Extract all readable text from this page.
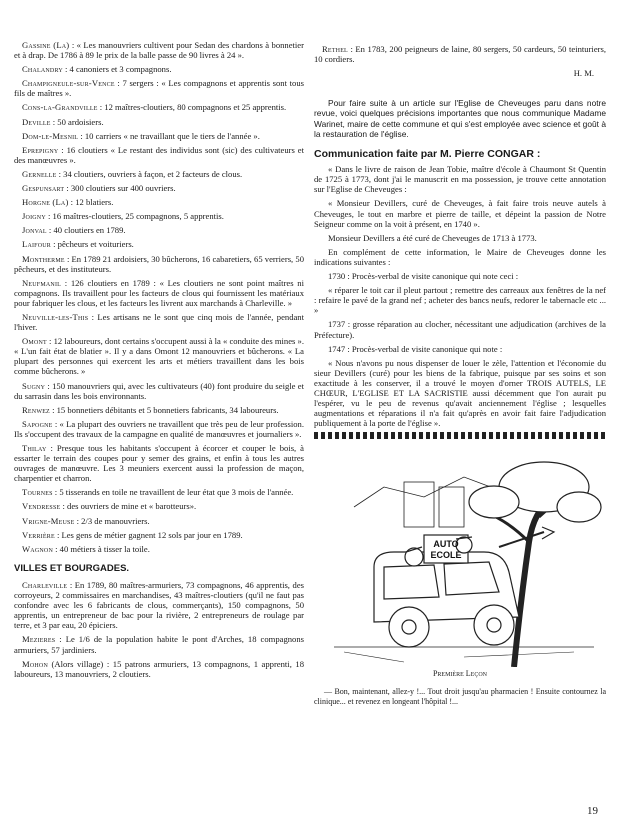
Gassine (La) : « Les manouvriers cultivent pour Sedan des chardons à bonnetier et à drap. De 1786 à 89 le prix de la balle passe de 90 livres à 24 ».

Chalandry : 4 canoniers et 3 compagnons.

Champigneule-sur-Vence : 7 sergers : « Les compagnons et apprentis sont tous fils de maîtres ».

Cons-la-Grandville : 12 maîtres-cloutiers, 80 compagnons et 25 apprentis.

Deville : 50 ardoisiers.

Dom-le-Mesnil : 10 carriers « ne travaillant que le tiers de l'année ».

Eprepigny : 16 cloutiers « Le restant des individus sont (sic) des cultivateurs et des manœuvres ».

Gernelle : 34 cloutiers, ouvriers à façon, et 2 facteurs de clous.

Gespunsart : 300 cloutiers sur 400 ouvriers.

Horgne (La) : 12 blatiers.

Joigny : 16 maîtres-cloutiers, 25 compagnons, 5 apprentis.

Jonval : 40 cloutiers en 1789.

Laifour : pêcheurs et voituriers.

Montherme : En 1789 21 ardoisiers, 30 bûcherons, 16 cabaretiers, 65 verriers, 50 pêcheurs, et des instituteurs.

Neufmanil : 126 cloutiers en 1789 : « Les cloutiers ne sont point maîtres ni compagnons. Ils travaillent pour les facteurs de clous qui fournissent les matériaux pour fabriquer les clous, et les facteurs les livrent aux marchands à Charleville. »

Neuville-les-This : Les artisans ne le sont que cinq mois de l'année, pendant l'hiver.

Omont : 12 laboureurs, dont certains s'occupent aussi à la « conduite des mines ». « L'un fait état de blatier ». Il y a dans Omont 12 manouvriers et bûcherons. « La plupart des personnes qui exercent les arts et métiers travaillent dans les bois comme bûcherons. »

Sugny : 150 manouvriers qui, avec les cultivateurs (40) font produire du seigle et du sarrasin dans les bois environnants.

Renwez : 15 bonnetiers débitants et 5 bonnetiers fabricants, 34 laboureurs.

Sapogne : « La plupart des ouvriers ne travaillent que très peu de leur profession. Ils s'occupent des travaux de la campagne en qualité de manœuvres et journaliers ».

Thilay : Presque tous les habitants s'occupent à écorcer et couper le bois, à essarter le terrain des coupes pour y semer des grains, et enfin à tous les autres ouvrages de manœuvre. Les 3 meuniers exercent aussi la profession de maçon, charpentier et charron.

Tournes : 5 tisserands en toile ne travaillent de leur état que 3 mois de l'année.

Vendresse : des ouvriers de mine et « barotteurs».

Vrigne-Meuse : 2/3 de manouvriers.

Verrière : Les gens de métier gagnent 12 sols par jour en 1789.

Wagnon : 40 métiers à tisser la toile.

VILLES ET BOURGADES.

Charleville : En 1789, 80 maîtres-armuriers, 73 compagnons, 46 apprentis, des corroyeurs, 2 commissaires en marchandises, 43 maîtres-cloutiers (qu'il ne faut pas confondre avec les 6 fabricants de clous, commerçants), 150 compagnons, 50 apprentis, un entrepreneur de bac pour la rivière, 2 entrepreneurs de roulage par terre, et 3 par eau, 20 épiciers.

Mezieres : Le 1/6 de la population habite le pont d'Arches, 18 compagnons armuriers, 57 jardiniers.

Mohon (Alors village) : 15 patrons armuriers, 13 compagnons, 1 apprenti, 18 laboureurs, 13 manouvriers, 2 cloutiers.

Rethel : En 1783, 200 peigneurs de laine, 80 sergers, 50 cardeurs, 50 teinturiers, 10 cordiers.

H. M.

Pour faire suite à un article sur l'Eglise de Cheveuges paru dans notre revue, voici quelques précisions importantes que nous communique Madame Warinet, maire de cette commune et qui s'est employée avec science et goût à la restauration de l'église.

Communication faite par M. Pierre CONGAR :

« Dans le livre de raison de Jean Tobie, maître d'école à Chaumont St Quentin de 1725 à 1773, dont j'ai le manuscrit en ma possession, je trouve cette annotation sur l'Eglise de Cheveuges :

« Monsieur Devillers, curé de Cheveuges, à fait faire trois neuve autels à Cheveuges, le tout en marbre et pierre de taille, et dépeint la passion de Notre Seigneur comme on la voit à présent, en 1740 ».

Monsieur Devillers a été curé de Cheveuges de 1713 à 1773.

En complément de cette information, le Maire de Cheveuges donne les indications suivantes :

1730 : Procès-verbal de visite canonique qui note ceci :

« réparer le toit car il pleut partout ; remettre des carreaux aux fenêtres de la nef : refaire le pavé de la grand nef ; acheter des bancs neufs, redorer le tabernacle etc ... »

1737 : grosse réparation au clocher, nécessitant une adjudication (archives de la Préfecture).

1747 : Procès-verbal de visite canonique qui note :

« Nous n'avons pu nous dispenser de louer le zèle, l'attention et l'économie du sieur Devillers (curé) pour les biens de la fabrique, puisque par ses soins et son exactitude à les conserver, il a trouvé le moyen d'orner TROIS AUTELS, LE CHŒUR, L'EGLISE ET LA SACRISTIE aussi décemment que l'on aurait pu l'espérer, vu le peu de revenus qu'avait anciennement l'église ; lesquelles augmentations et réparations il n'a fait qu'après en avoir fait faire l'adjudication publiquement à la porte de l'église ».

AUTO
ECOLE
Première Leçon

— Bon, maintenant, allez-y !... Tout droit jusqu'au pharmacien ! Ensuite contournez la clinique... et revenez en longeant l'hôpital !...

19
